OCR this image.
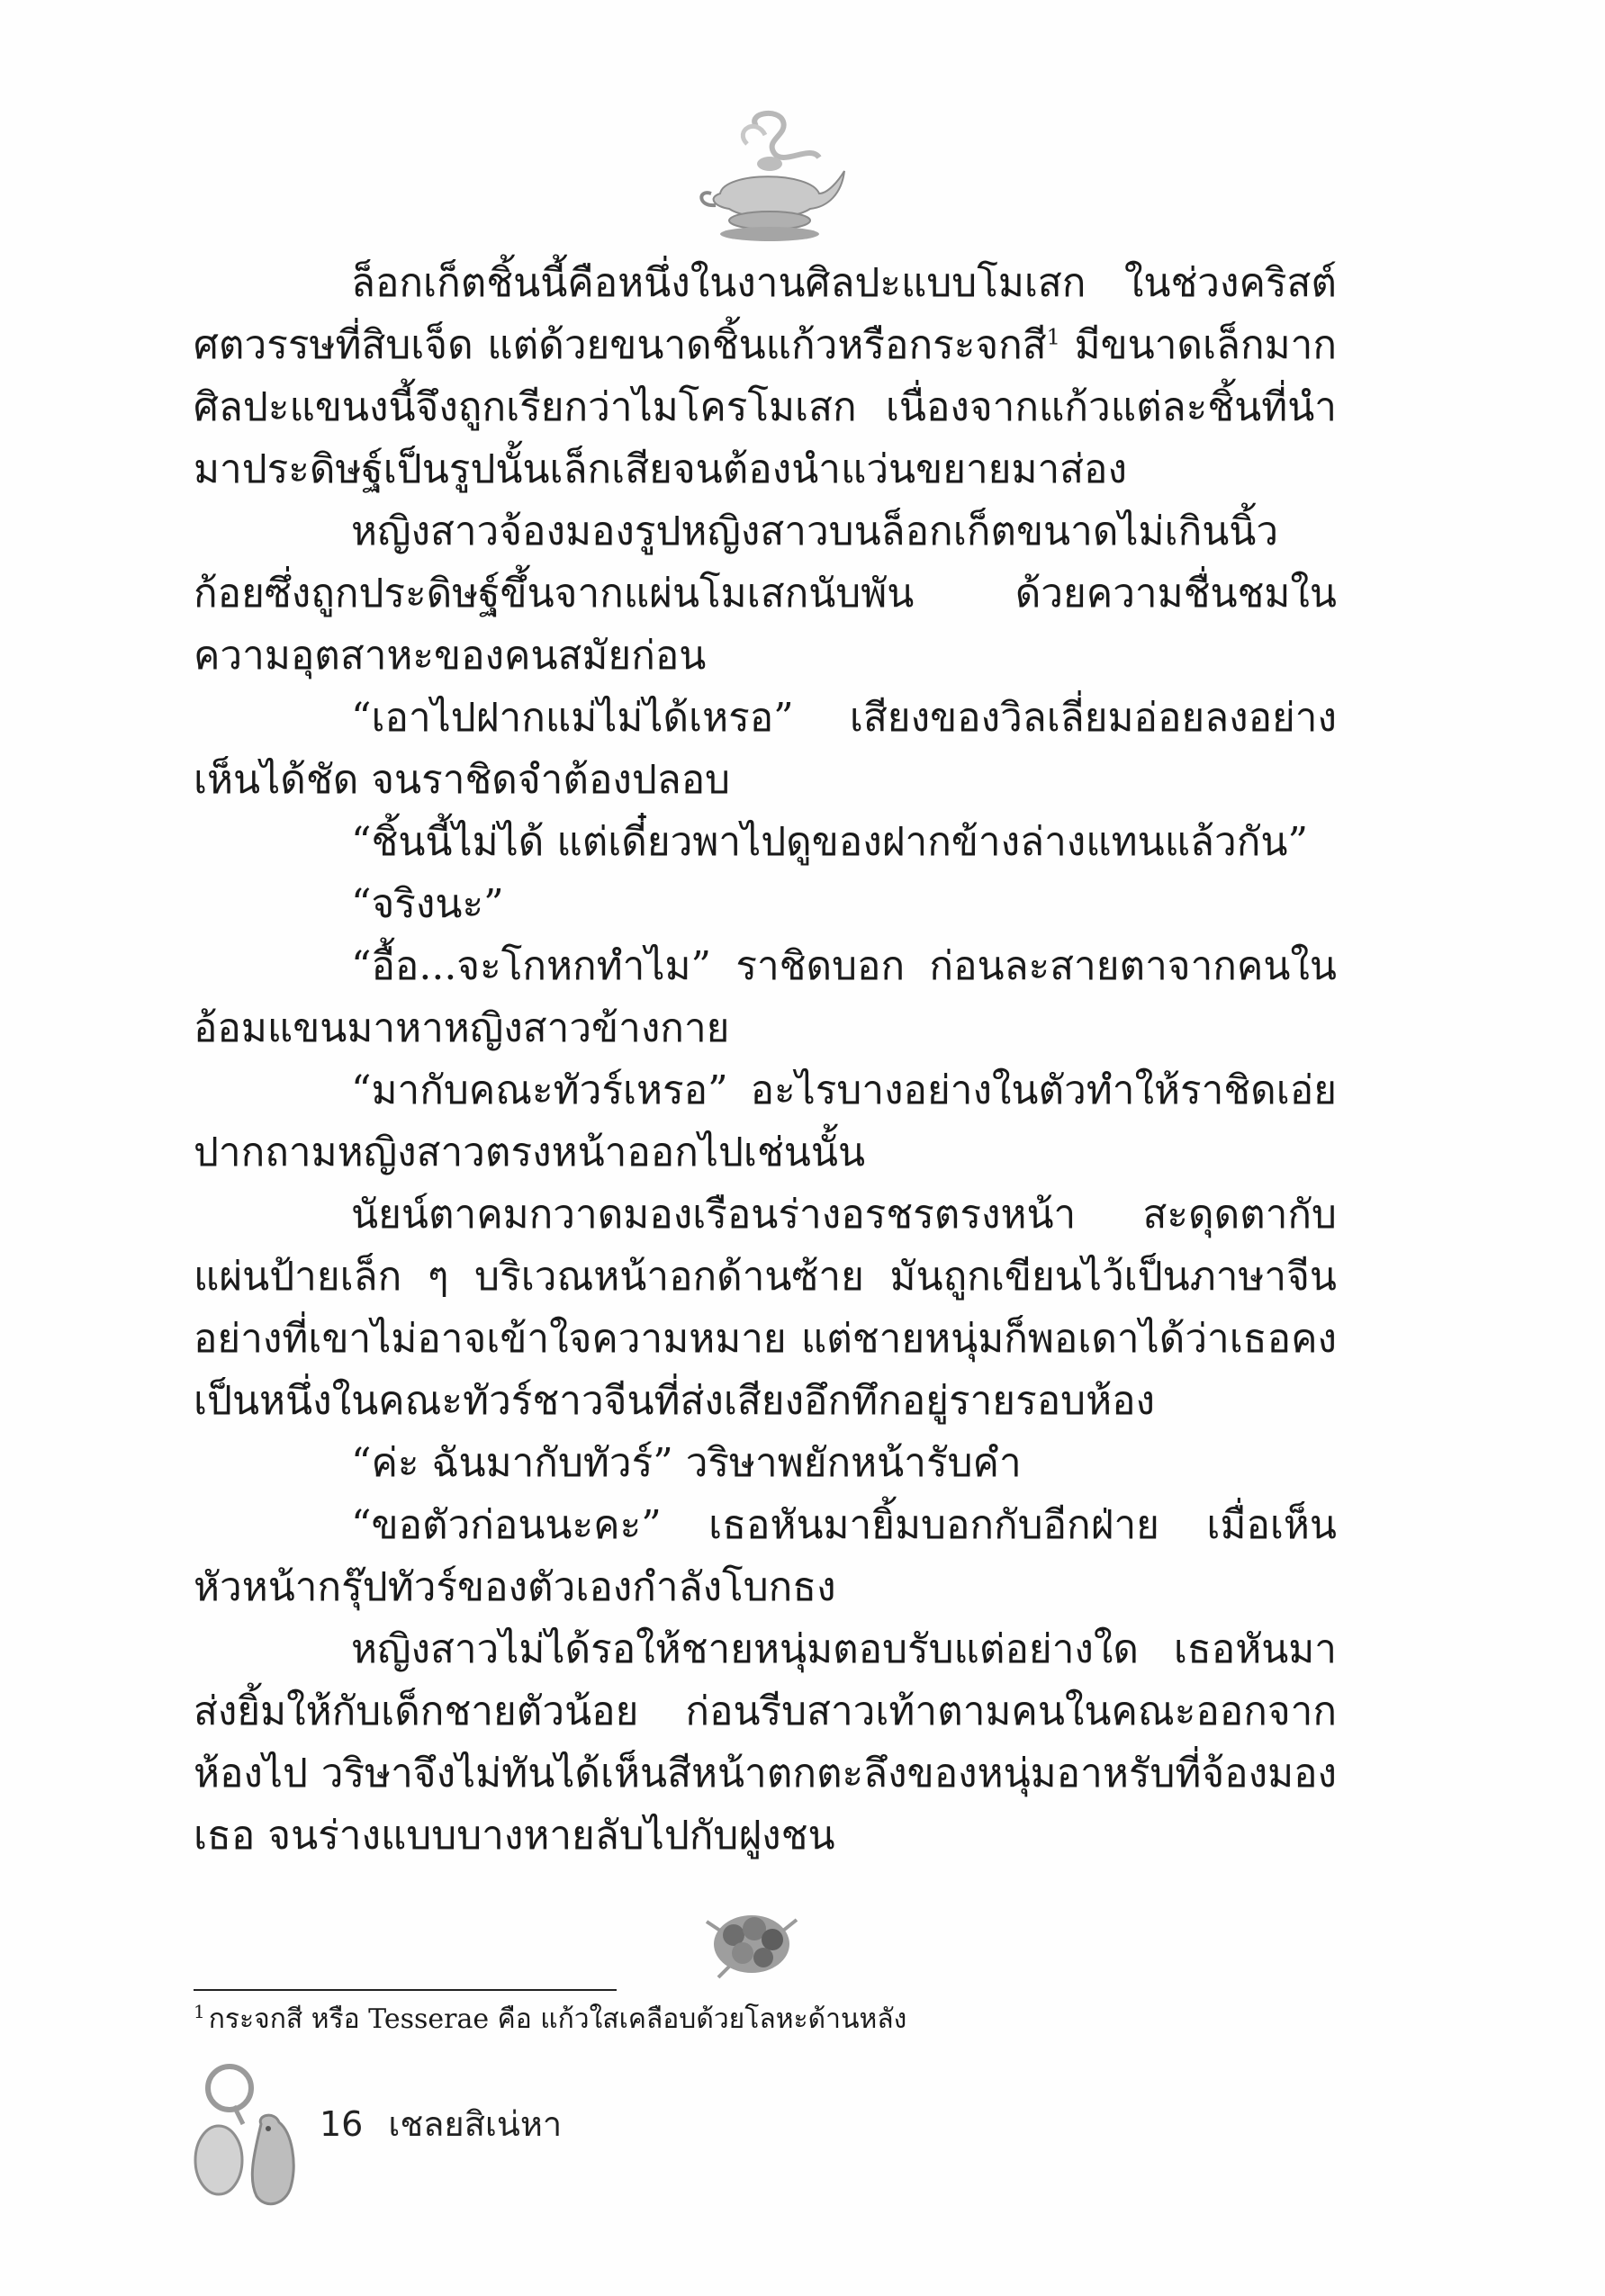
ล็อกเก็ตชิ้นนี้คือหนึ่งในงานศิลปะแบบโมเสก ในช่วงคริสต์ศตวรรษที่สิบเจ็ด แต่ด้วยขนาดชิ้นแก้วหรือกระจกสี$^1$ มีขนาดเล็กมาก ศิลปะแขนงนี้จึงถูกเรียกว่าไมโครโมเสก เนื่องจากแก้วแต่ละชิ้นที่นำมาประดิษฐ์เป็นรูปนั้นเล็กเสียจนต้องนำแว่นขยายมาส่อง

หญิงสาวจ้องมองรูปหญิงสาวบนล็อกเก็ตขนาดไม่เกินนิ้วก้อยซึ่งถูกประดิษฐ์ขึ้นจากแผ่นโมเสกนับพัน ด้วยความชื่นชมในความอุตสาหะของคนสมัยก่อน

“เอาไปฝากแม่ไม่ได้เหรอ” เสียงของวิลเลี่ยมอ่อยลงอย่างเห็นได้ชัด จนราชิดจำต้องปลอบ

“ชิ้นนี้ไม่ได้ แต่เดี๋ยวพาไปดูของฝากข้างล่างแทนแล้วกัน”

“จริงนะ”

“อื้อ...จะโกหกทำไม” ราชิดบอก ก่อนละสายตาจากคนในอ้อมแขนมาหาหญิงสาวข้างกาย

“มากับคณะทัวร์เหรอ” อะไรบางอย่างในตัวทำให้ราชิดเอ่ยปากถามหญิงสาวตรงหน้าออกไปเช่นนั้น

นัยน์ตาคมกวาดมองเรือนร่างอรชรตรงหน้า สะดุดตากับแผ่นป้ายเล็ก ๆ บริเวณหน้าอกด้านซ้าย มันถูกเขียนไว้เป็นภาษาจีนอย่างที่เขาไม่อาจเข้าใจความหมาย แต่ชายหนุ่มก็พอเดาได้ว่าเธอคงเป็นหนึ่งในคณะทัวร์ชาวจีนที่ส่งเสียงอึกทึกอยู่รายรอบห้อง

“ค่ะ ฉันมากับทัวร์” วริษาพยักหน้ารับคำ

“ขอตัวก่อนนะคะ” เธอหันมายิ้มบอกกับอีกฝ่าย เมื่อเห็นหัวหน้ากรุ๊ปทัวร์ของตัวเองกำลังโบกธง

หญิงสาวไม่ได้รอให้ชายหนุ่มตอบรับแต่อย่างใด เธอหันมาส่งยิ้มให้กับเด็กชายตัวน้อย ก่อนรีบสาวเท้าตามคนในคณะออกจากห้องไป วริษาจึงไม่ทันได้เห็นสีหน้าตกตะลึงของหนุ่มอาหรับที่จ้องมองเธอ จนร่างแบบบางหายลับไปกับฝูงชน

$^1$ กระจกสี หรือ Tesserae คือ แก้วใสเคลือบด้วยโลหะด้านหลัง
16 เชลยสิเน่หา
